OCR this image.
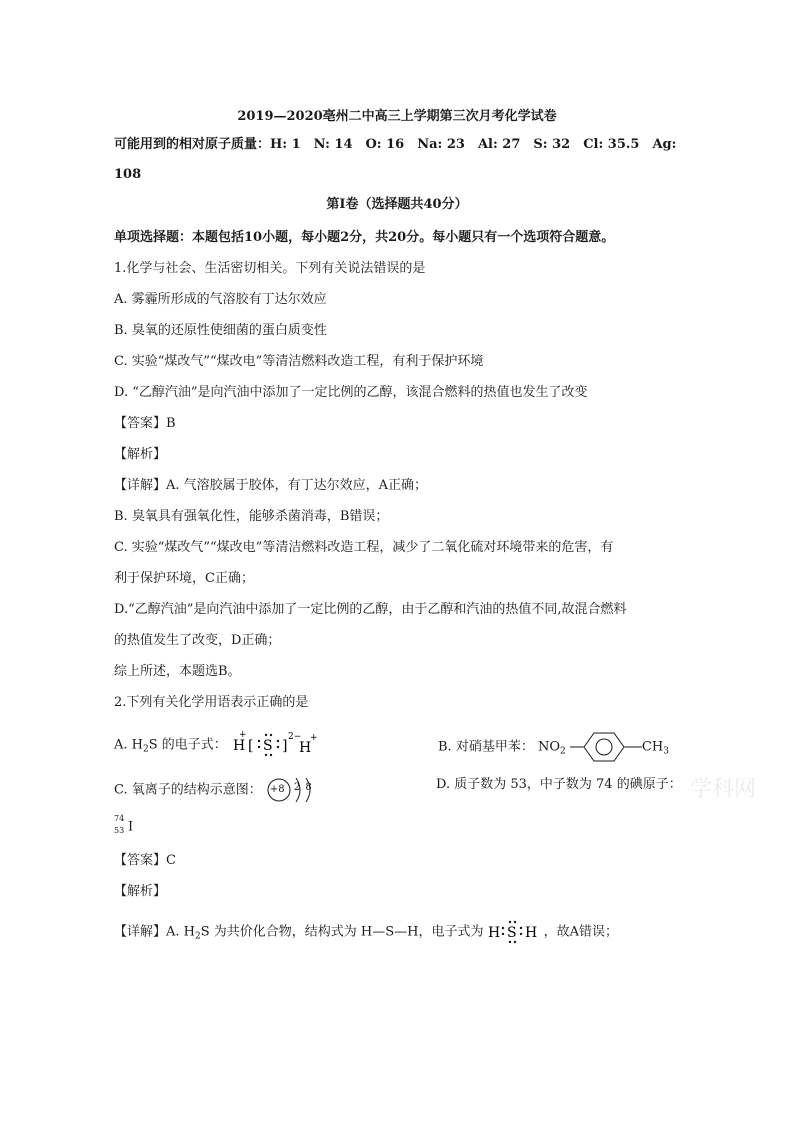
2019—2020亳州二中高三上学期第三次月考化学试卷
可能用到的相对原子质量：H: 1　N: 14　O: 16　Na: 23　Al: 27　S: 32　Cl: 35.5　Ag:
108
第Ⅰ卷（选择题共40分）
单项选择题：本题包括10小题，每小题2分，共20分。每小题只有一个选项符合题意。
1.化学与社会、生活密切相关。下列有关说法错误的是
A. 雾霾所形成的气溶胶有丁达尔效应
B. 臭氧的还原性使细菌的蛋白质变性
C. 实验“煤改气”“煤改电”等清洁燃料改造工程，有利于保护环境
D. “乙醇汽油”是向汽油中添加了一定比例的乙醇，该混合燃料的热值也发生了改变
【答案】B
【解析】
【详解】A. 气溶胶属于胶体，有丁达尔效应，A正确；
B. 臭氧具有强氧化性，能够杀菌消毒，B错误；
C. 实验“煤改气”“煤改电”等清洁燃料改造工程，减少了二氧化硫对环境带来的危害，有
利于保护环境，C正确；
D.“乙醇汽油”是向汽油中添加了一定比例的乙醇，由于乙醇和汽油的热值不同,故混合燃料
的热值发生了改变，D正确；
综上所述，本题选B。
2.下列有关化学用语表示正确的是
A. $H_2S$ 的电子式： H
+
[ S ]
2−
H
+
B. 对硝基甲苯： $NO_2$	$CH_3$
C. 氧离子的结构示意图： +8 2 8	D. 质子数为 53，中子数为 74 的碘原子：
74
53 I
【答案】C
【解析】
【详解】A. $H_2S$ 为共价化合物，结构式为 H—S—H，电子式为 H S H ，故A错误；
学科网
